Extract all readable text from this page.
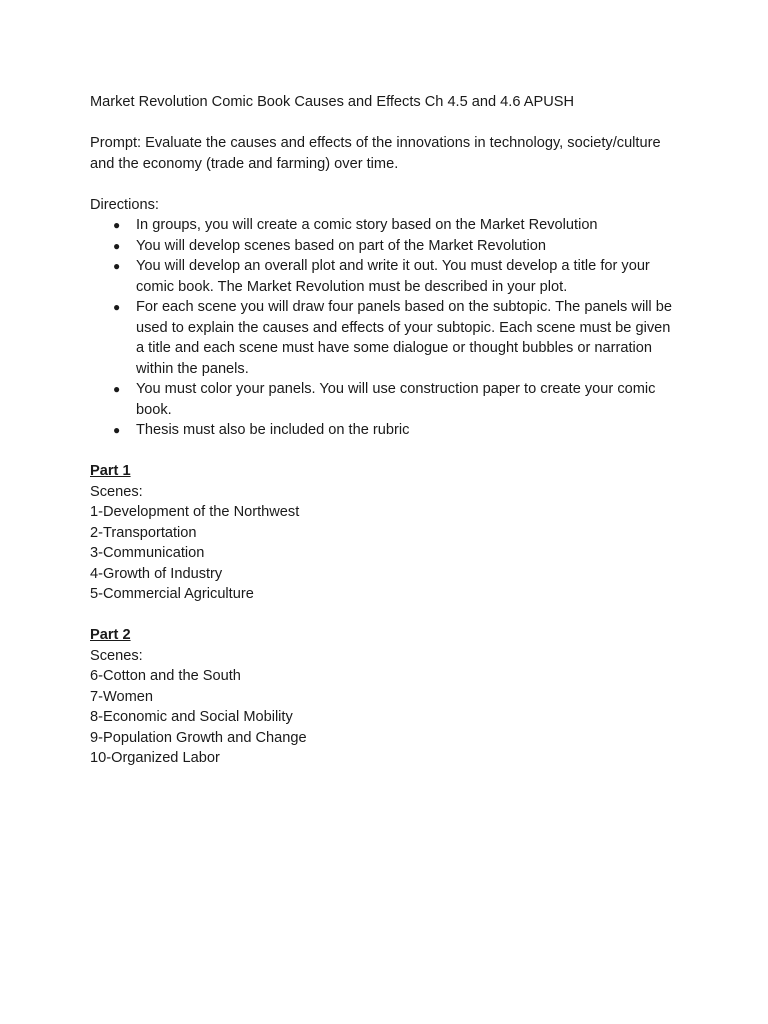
Market Revolution Comic Book Causes and Effects Ch 4.5 and 4.6 APUSH

Prompt: Evaluate the causes and effects of the innovations in technology, society/culture and the economy (trade and farming) over time.

Directions:

● In groups, you will create a comic story based on the Market Revolution
● You will develop scenes based on part of the Market Revolution
● You will develop an overall plot and write it out. You must develop a title for your comic book. The Market Revolution must be described in your plot.
● For each scene you will draw four panels based on the subtopic. The panels will be used to explain the causes and effects of your subtopic. Each scene must be given a title and each scene must have some dialogue or thought bubbles or narration within the panels.
● You must color your panels. You will use construction paper to create your comic book.
● Thesis must also be included on the rubric

Part 1

Scenes:

1-Development of the Northwest
2-Transportation
3-Communication
4-Growth of Industry
5-Commercial Agriculture

Part 2

Scenes:

6-Cotton and the South
7-Women
8-Economic and Social Mobility
9-Population Growth and Change
10-Organized Labor
